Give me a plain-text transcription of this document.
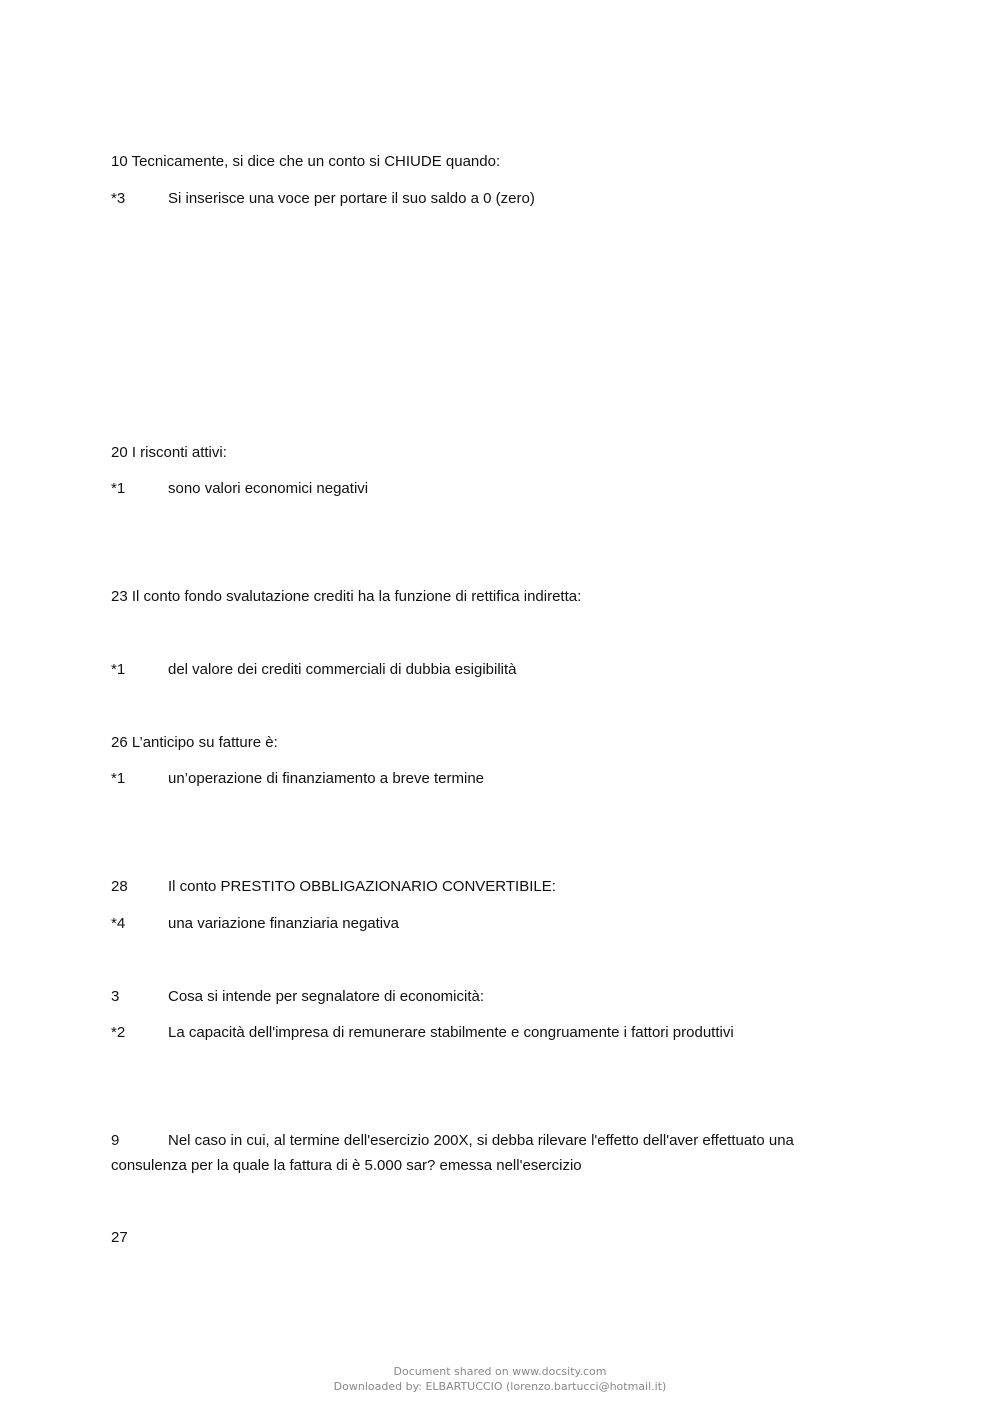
10 Tecnicamente, si dice che un conto si CHIUDE quando:
*3	Si inserisce una voce per portare il suo saldo a 0 (zero)
20 I risconti attivi:
*1	sono valori economici negativi
23 Il conto fondo svalutazione crediti ha la funzione di rettifica indiretta:
*1	del valore dei crediti commerciali di dubbia esigibilità
26 L’anticipo su fatture è:
*1	un’operazione di finanziamento a breve termine
28	Il conto PRESTITO OBBLIGAZIONARIO CONVERTIBILE:
*4	una variazione finanziaria negativa
3	Cosa si intende per segnalatore di economicità:
*2	La capacità dell'impresa di remunerare stabilmente e congruamente i fattori produttivi
9	Nel caso in cui, al termine dell'esercizio 200X, si debba rilevare l'effetto dell'aver effettuato una
consulenza per la quale la fattura di è 5.000 sar? emessa nell'esercizio
27
Document shared on www.docsity.com
Downloaded by: ELBARTUCCIO (lorenzo.bartucci@hotmail.it)
